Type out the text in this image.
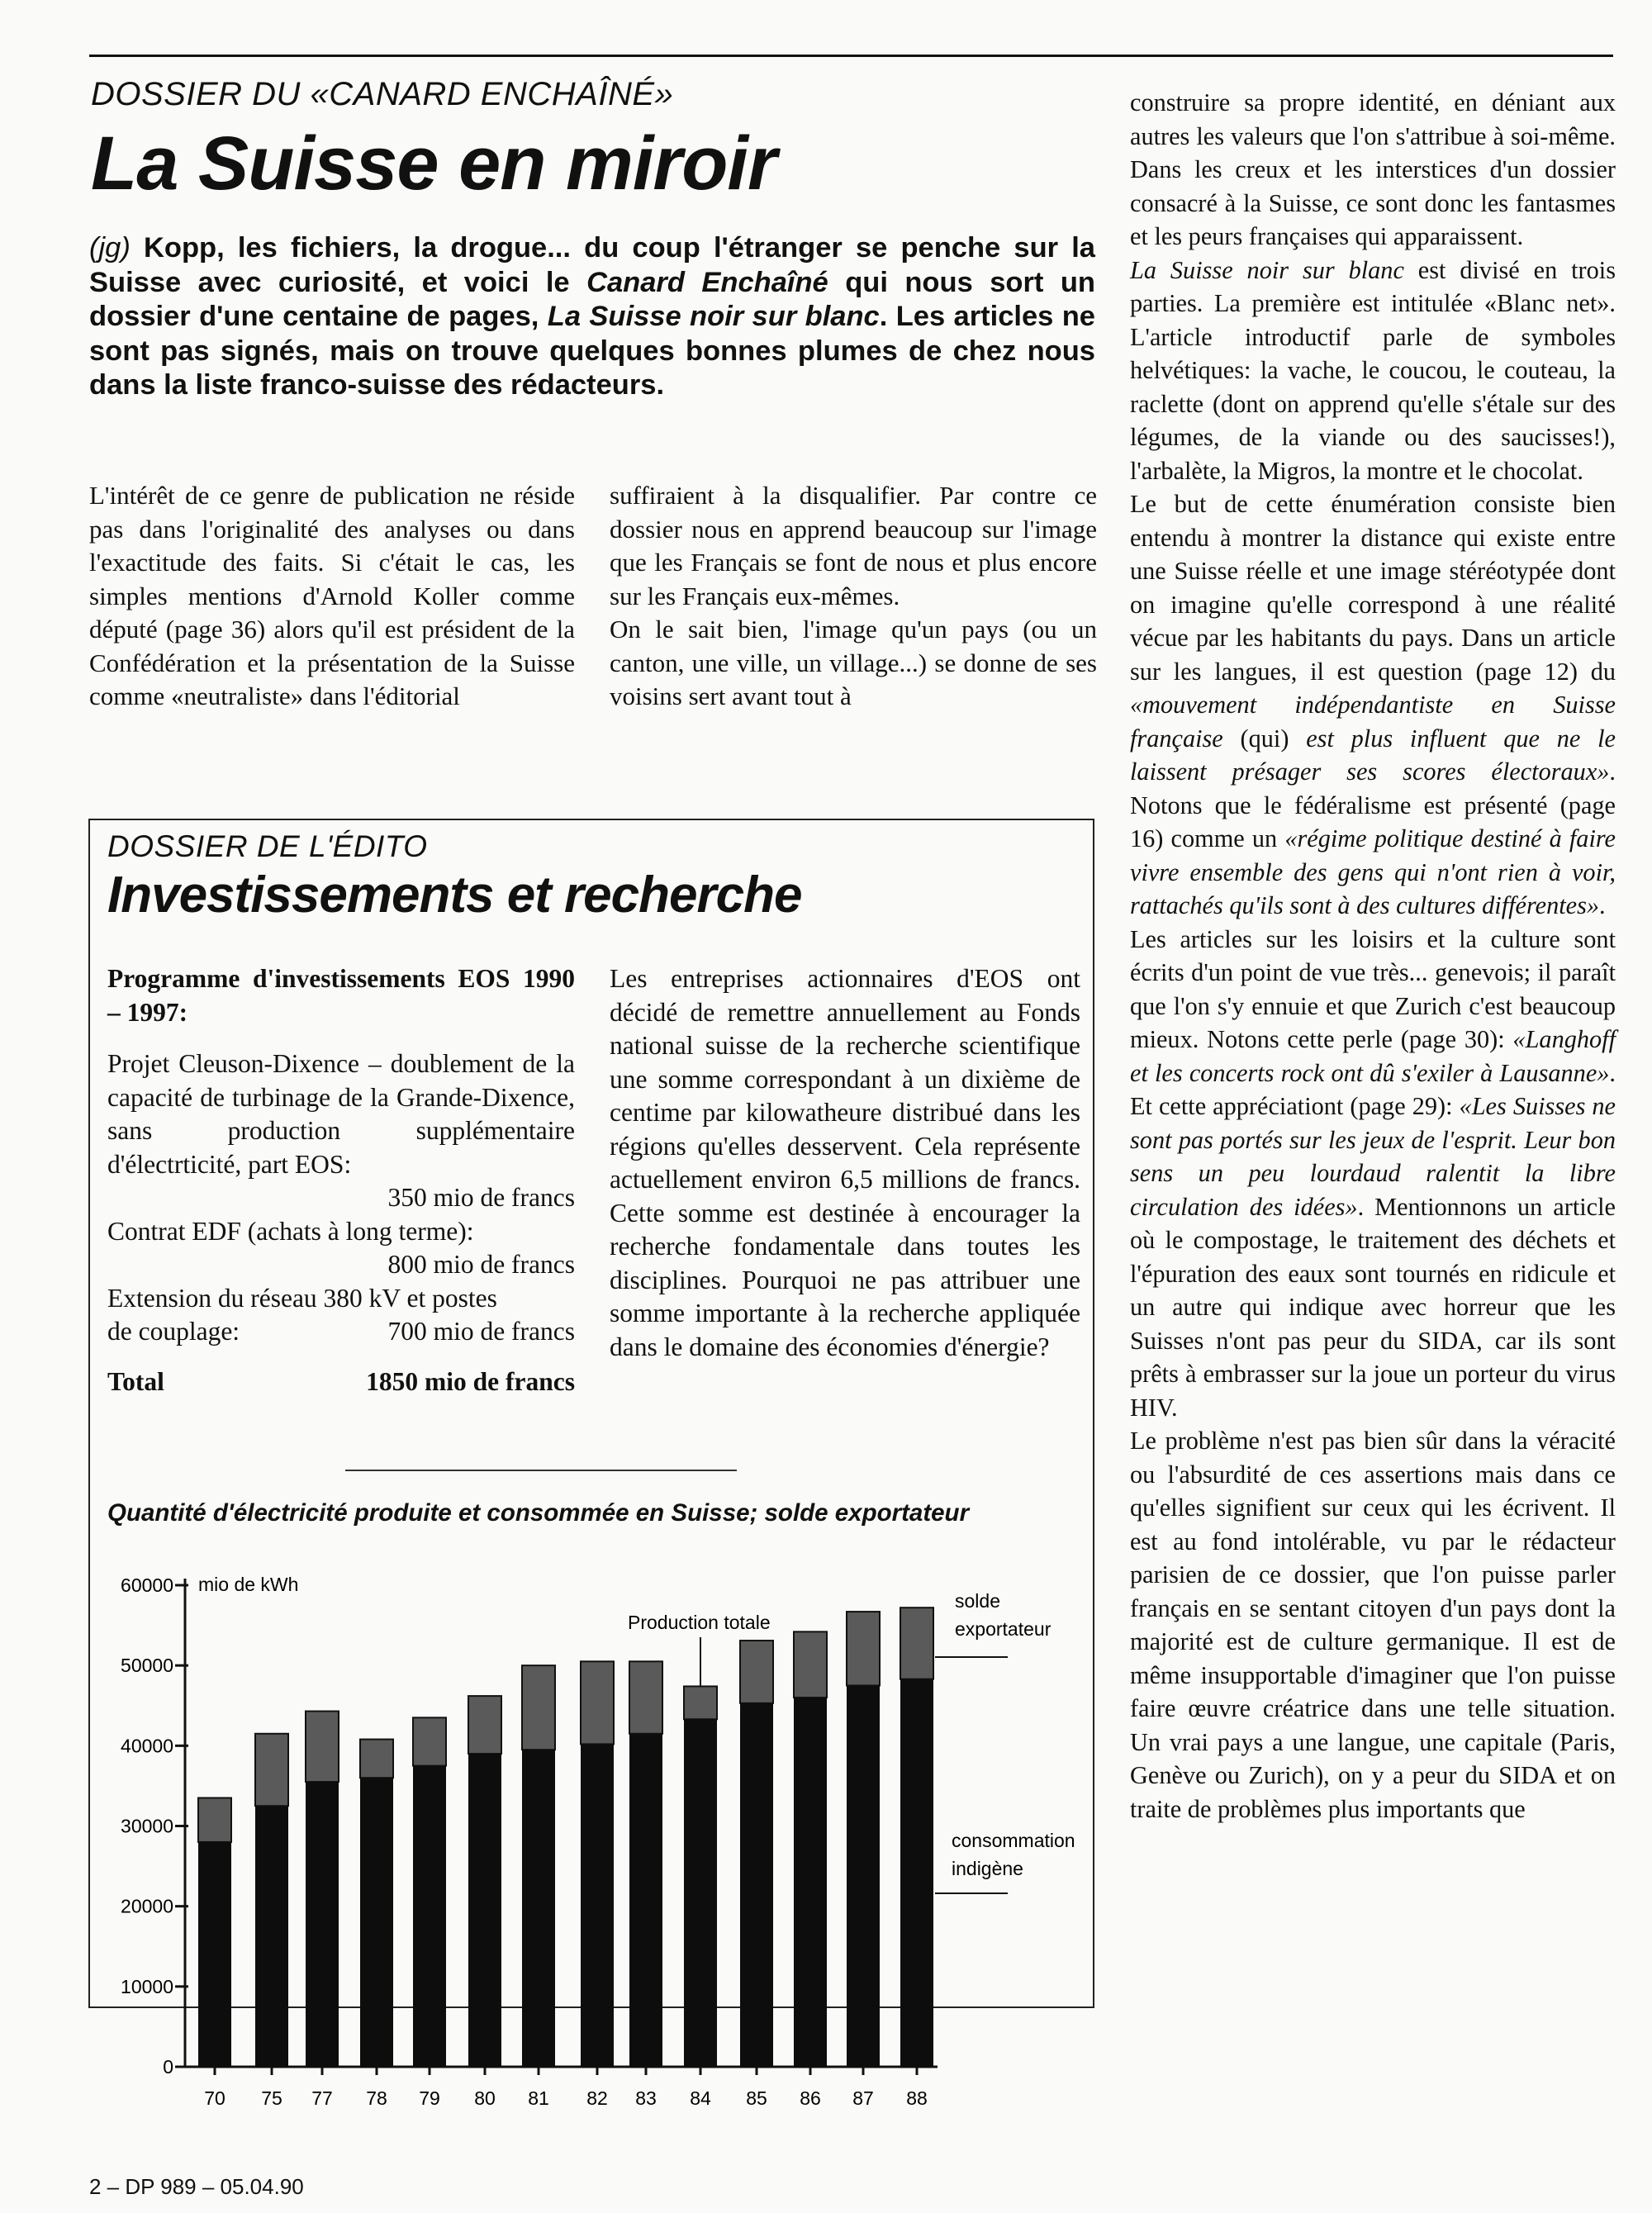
DOSSIER DU «CANARD ENCHAÎNÉ»
La Suisse en miroir
(jg) Kopp, les fichiers, la drogue... du coup l'étranger se penche sur la Suisse avec curiosité, et voici le Canard Enchaîné qui nous sort un dossier d'une centaine de pages, La Suisse noir sur blanc. Les articles ne sont pas signés, mais on trouve quelques bonnes plumes de chez nous dans la liste franco-suisse des rédacteurs.

L'intérêt de ce genre de publication ne réside pas dans l'originalité des analyses ou dans l'exactitude des faits. Si c'était le cas, les simples mentions d'Arnold Koller comme député (page 36) alors qu'il est président de la Confédération et la présentation de la Suisse comme «neutraliste» dans l'éditorial

suffiraient à la disqualifier. Par contre ce dossier nous en apprend beaucoup sur l'image que les Français se font de nous et plus encore sur les Français eux-mêmes.

On le sait bien, l'image qu'un pays (ou un canton, une ville, un village...) se donne de ses voisins sert avant tout à

construire sa propre identité, en déniant aux autres les valeurs que l'on s'attribue à soi-même. Dans les creux et les interstices d'un dossier consacré à la Suisse, ce sont donc les fantasmes et les peurs françaises qui apparaissent.

La Suisse noir sur blanc est divisé en trois parties. La première est intitulée «Blanc net». L'article introductif parle de symboles helvétiques: la vache, le coucou, le couteau, la raclette (dont on apprend qu'elle s'étale sur des légumes, de la viande ou des saucisses!), l'arbalète, la Migros, la montre et le chocolat.

Le but de cette énumération consiste bien entendu à montrer la distance qui existe entre une Suisse réelle et une image stéréotypée dont on imagine qu'elle correspond à une réalité vécue par les habitants du pays. Dans un article sur les langues, il est question (page 12) du «mouvement indépendantiste en Suisse française (qui) est plus influent que ne le laissent présager ses scores électoraux». Notons que le fédéralisme est présenté (page 16) comme un «régime politique destiné à faire vivre ensemble des gens qui n'ont rien à voir, rattachés qu'ils sont à des cultures différentes».

Les articles sur les loisirs et la culture sont écrits d'un point de vue très... genevois; il paraît que l'on s'y ennuie et que Zurich c'est beaucoup mieux. Notons cette perle (page 30): «Langhoff et les concerts rock ont dû s'exiler à Lausanne». Et cette appréciationt (page 29): «Les Suisses ne sont pas portés sur les jeux de l'esprit. Leur bon sens un peu lourdaud ralentit la libre circulation des idées». Mentionnons un article où le compostage, le traitement des déchets et l'épuration des eaux sont tournés en ridicule et un autre qui indique avec horreur que les Suisses n'ont pas peur du SIDA, car ils sont prêts à embrasser sur la joue un porteur du virus HIV.

Le problème n'est pas bien sûr dans la véracité ou l'absurdité de ces assertions mais dans ce qu'elles signifient sur ceux qui les écrivent. Il est au fond intolérable, vu par le rédacteur parisien de ce dossier, que l'on puisse parler français en se sentant citoyen d'un pays dont la majorité est de culture germanique. Il est de même insupportable d'imaginer que l'on puisse faire œuvre créatrice dans une telle situation. Un vrai pays a une langue, une capitale (Paris, Genève ou Zurich), on y a peur du SIDA et on traite de problèmes plus importants que

DOSSIER DE L'ÉDITO
Investissements et recherche

Programme d'investissements EOS 1990 – 1997:

Projet Cleuson-Dixence – doublement de la capacité de turbinage de la Grande-Dixence, sans production supplémentaire d'électrticité, part EOS:

350 mio de francs

Contrat EDF (achats à long terme):

800 mio de francs

Extension du réseau 380 kV et postes

de couplage:	700 mio de francs
Total	1850 mio de francs

Les entreprises actionnaires d'EOS ont décidé de remettre annuellement au Fonds national suisse de la recherche scientifique une somme correspondant à un dixième de centime par kilowatheure distribué dans les régions qu'elles desservent. Cela représente actuellement environ 6,5 millions de francs. Cette somme est destinée à encourager la recherche fondamentale dans toutes les disciplines. Pourquoi ne pas attribuer une somme importante à la recherche appliquée dans le domaine des économies d'énergie?

Quantité d'électricité produite et consommée en Suisse; solde exportateur
0
10000
20000
30000
40000
50000
60000 mio de kWh
70 75 77 78 79 80 81 82 83 84 85 86 87 88
Production totale
solde
exportateur
consommation
indigène
2 – DP 989 – 05.04.90
